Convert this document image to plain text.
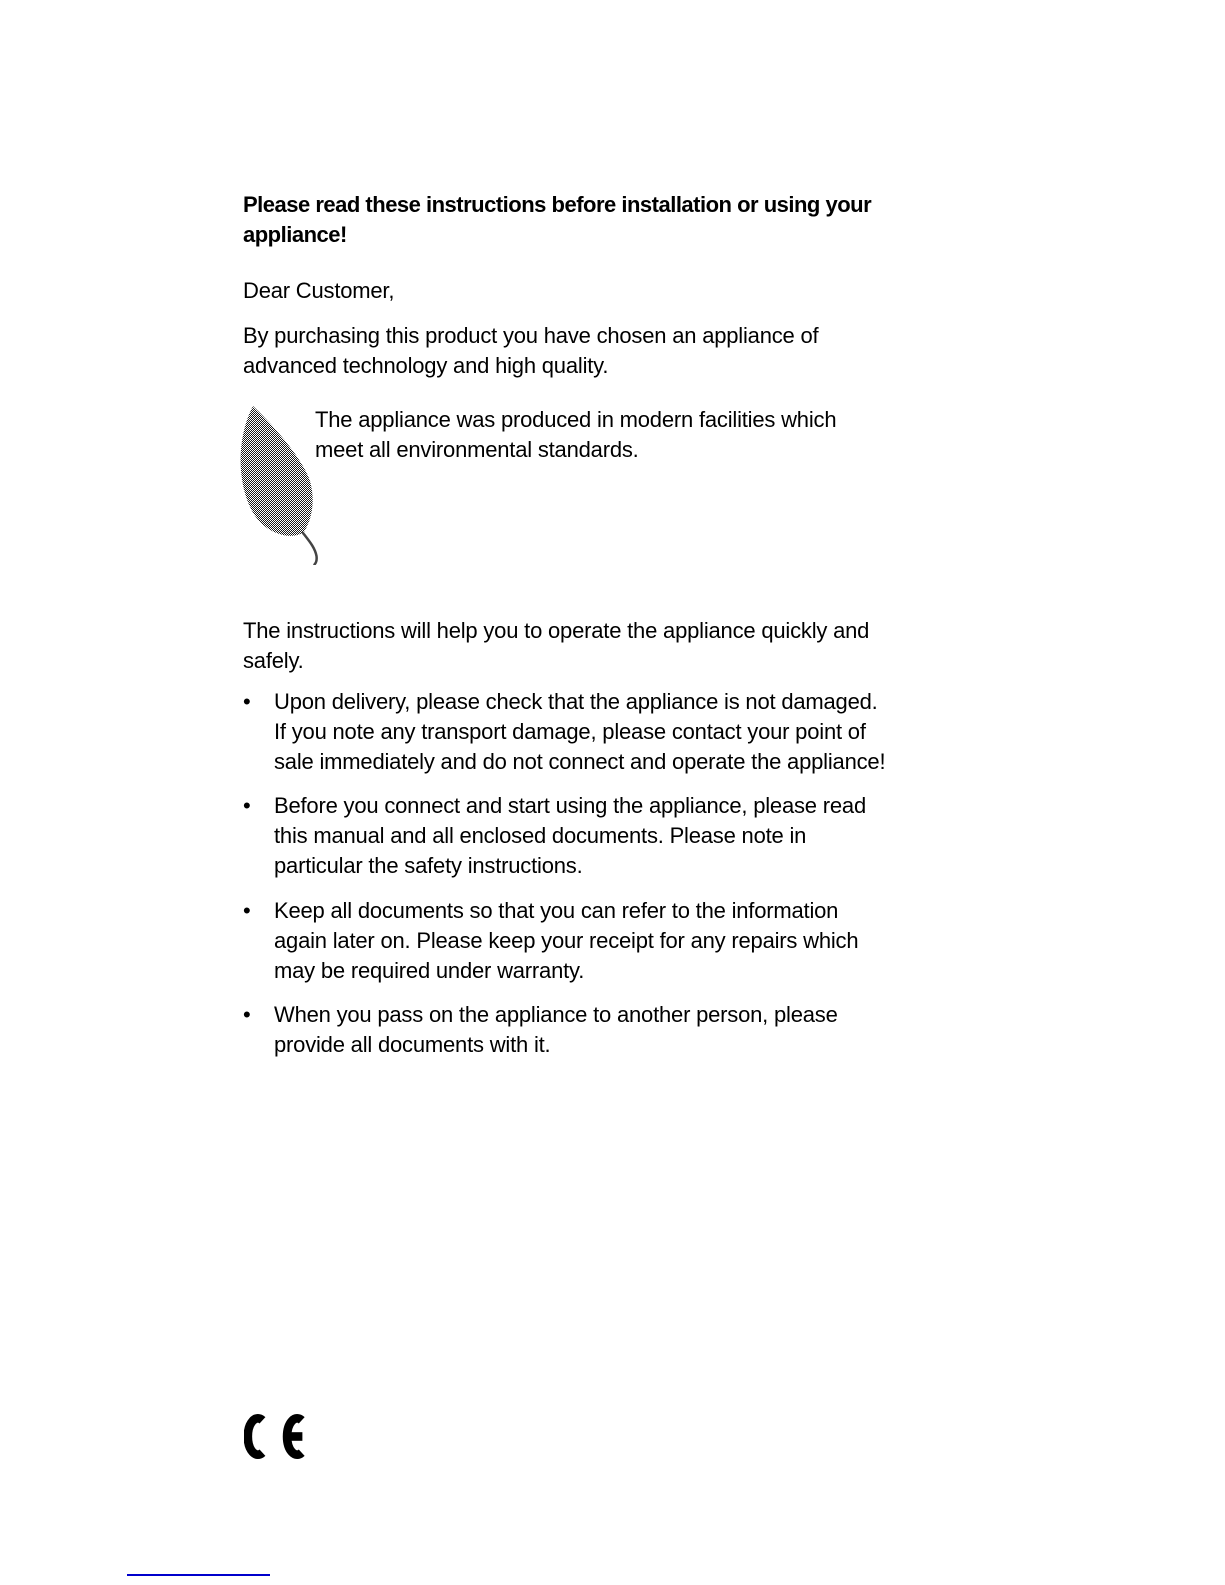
Please read these instructions before installation or using your
appliance!
Dear Customer,
By purchasing this product you have chosen an appliance of
advanced technology and high quality.
The appliance was produced in modern facilities which
meet all environmental standards.
The instructions will help you to operate the appliance quickly and
safely.
•	Upon delivery, please check that the appliance is not damaged.
If you note any transport damage, please contact your point of
sale immediately and do not connect and operate the appliance!
•	Before you connect and start using the appliance, please read
this manual and all enclosed documents. Please note in
particular the safety instructions.
•	Keep all documents so that you can refer to the information
again later on. Please keep your receipt for any repairs which
may be required under warranty.
•	When you pass on the appliance to another person, please
provide all documents with it.
